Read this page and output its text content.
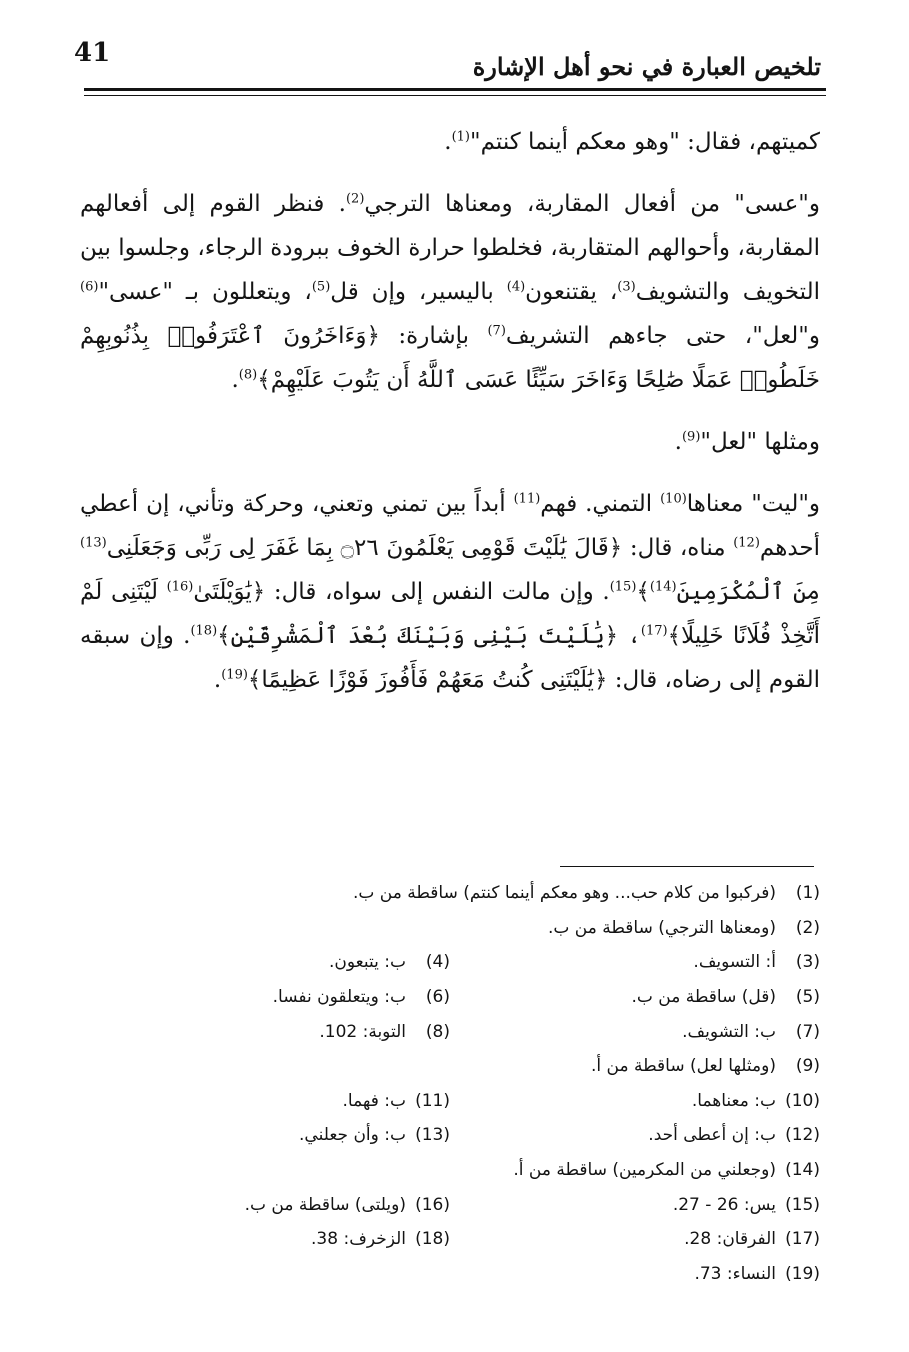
41	تلخيص العبارة في نحو أهل الإشارة

كميتهم، فقال: "وهو معكم أينما كنتم"$^{(1)}$.

و"عسى" من أفعال المقاربة، ومعناها الترجي$^{(2)}$. فنظر القوم إلى أفعالهم المقاربة، وأحوالهم المتقاربة، فخلطوا حرارة الخوف ببرودة الرجاء، وجلسوا بين التخويف والتشويف$^{(3)}$، يقتنعون$^{(4)}$ باليسير، وإن قل$^{(5)}$، ويتعللون بـ "عسى"$^{(6)}$ و"لعل"، حتى جاءهم التشريف$^{(7)}$ بإشارة: ﴿وَءَاخَرُونَ ٱعْتَرَفُوا۟ بِذُنُوبِهِمْ خَلَطُوا۟ عَمَلًا صَٰلِحًا وَءَاخَرَ سَيِّئًا عَسَى ٱللَّهُ أَن يَتُوبَ عَلَيْهِمْ﴾$^{(8)}$.

ومثلها "لعل"$^{(9)}$.

و"ليت" معناها$^{(10)}$ التمني. فهم$^{(11)}$ أبداً بين تمني وتعني، وحركة وتأني، إن أعطي أحدهم$^{(12)}$ مناه، قال: ﴿قَالَ يَٰلَيْتَ قَوْمِى يَعْلَمُونَ ۝٢٦ بِمَا غَفَرَ لِى رَبِّى وَجَعَلَنِى$^{(13)}$ مِنَ ٱلْمُكْرَمِينَ$^{(14)}$﴾$^{(15)}$. وإن مالت النفس إلى سواه، قال: ﴿يَٰوَيْلَتَىٰ$^{(16)}$ لَيْتَنِى لَمْ أَتَّخِذْ فُلَانًا خَلِيلًا﴾$^{(17)}$، ﴿يَٰلَيْتَ بَيْنِى وَبَيْنَكَ بُعْدَ ٱلْمَشْرِقَيْنِ﴾$^{(18)}$. وإن سبقه القوم إلى رضاه، قال: ﴿يَٰلَيْتَنِى كُنتُ مَعَهُمْ فَأَفُوزَ فَوْزًا عَظِيمًا﴾$^{(19)}$.

(1)
(فركبوا من كلام حب... وهو معكم أينما كنتم) ساقطة من ب.
(2)
(ومعناها الترجي) ساقطة من ب.
(3)
أ: التسويف.
(4)
ب: يتبعون.
(5)
(قل) ساقطة من ب.
(6)
ب: ويتعلقون نفسا.
(7)
ب: التشويف.
(8)
التوبة: 102.
(9)
(ومثلها لعل) ساقطة من أ.
(10)
ب: معناهما.
(11)
ب: فهما.
(12)
ب: إن أعطى أحد.
(13)
ب: وأن جعلني.
(14)
(وجعلني من المكرمين) ساقطة من أ.
(15)
يس: 26 - 27.
(16)
(ويلتى) ساقطة من ب.
(17)
الفرقان: 28.
(18)
الزخرف: 38.
(19)
النساء: 73.
